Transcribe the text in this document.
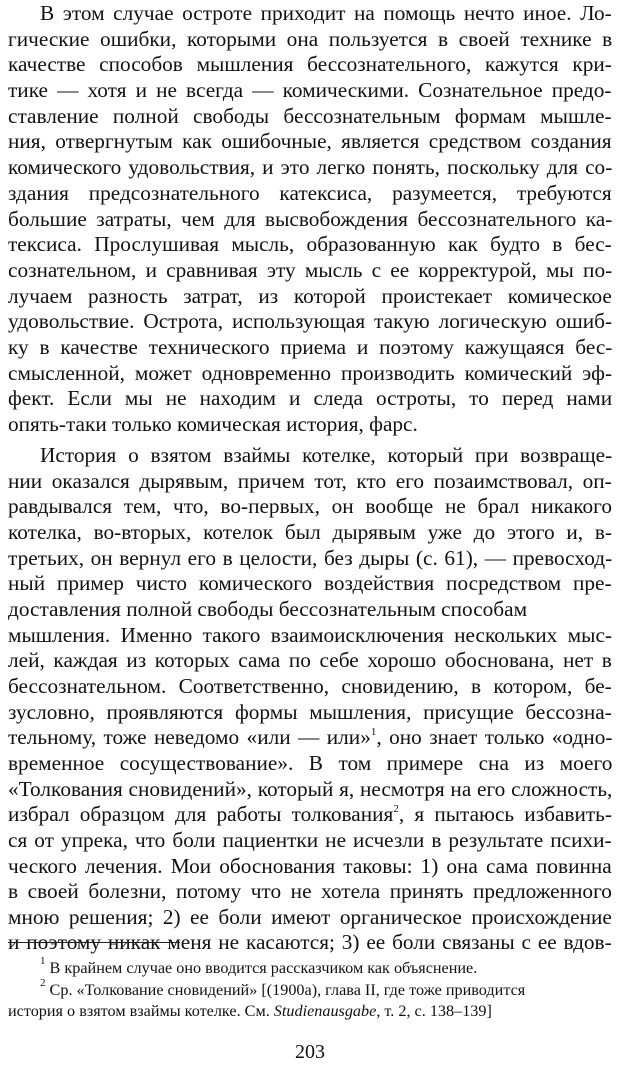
В этом случае остроте приходит на помощь нечто иное. Ло-
гические ошибки, которыми она пользуется в своей технике в
качестве способов мышления бессознательного, кажутся кри-
тике — хотя и не всегда — комическими. Сознательное предо-
ставление полной свободы бессознательным формам мышле-
ния, отвергнутым как ошибочные, является средством создания
комического удовольствия, и это легко понять, поскольку для со-
здания предсознательного катексиса, разумеется, требуются
большие затраты, чем для высвобождения бессознательного ка-
тексиса. Прослушивая мысль, образованную как будто в бес-
сознательном, и сравнивая эту мысль с ее корректурой, мы по-
лучаем разность затрат, из которой проистекает комическое
удовольствие. Острота, использующая такую логическую ошиб-
ку в качестве технического приема и поэтому кажущаяся бес-
смысленной, может одновременно производить комический эф-
фект. Если мы не находим и следа остроты, то перед нами
опять-таки только комическая история, фарс.
История о взятом взаймы котелке, который при возвраще-
нии оказался дырявым, причем тот, кто его позаимствовал, оп-
равдывался тем, что, во-первых, он вообще не брал никакого
котелка, во-вторых, котелок был дырявым уже до этого и, в-
третьих, он вернул его в целости, без дыры (с. 61), — превосход-
ный пример чисто комического воздействия посредством пре-
доставления полной свободы бессознательным способам
мышления. Именно такого взаимоисключения нескольких мыс-
лей, каждая из которых сама по себе хорошо обоснована, нет в
бессознательном. Соответственно, сновидению, в котором, бе-
зусловно, проявляются формы мышления, присущие бессозна-
тельному, тоже неведомо «или — или»$^1$, оно знает только «одно-
временное сосуществование». В том примере сна из моего
«Толкования сновидений», который я, несмотря на его сложность,
избрал образцом для работы толкования$^2$, я пытаюсь избавить-
ся от упрека, что боли пациентки не исчезли в результате психи-
ческого лечения. Мои обоснования таковы: 1) она сама повинна
в своей болезни, потому что не хотела принять предложенного
мною решения; 2) ее боли имеют органическое происхождение
и поэтому никак меня не касаются; 3) ее боли связаны с ее вдов-
$^1$ В крайнем случае оно вводится рассказчиком как объяснение.
$^2$ Ср. «Толкование сновидений» [(1900a), глава II, где тоже приводится
история о взятом взаймы котелке. См. Studienausgabe, т. 2, с. 138–139]
203
